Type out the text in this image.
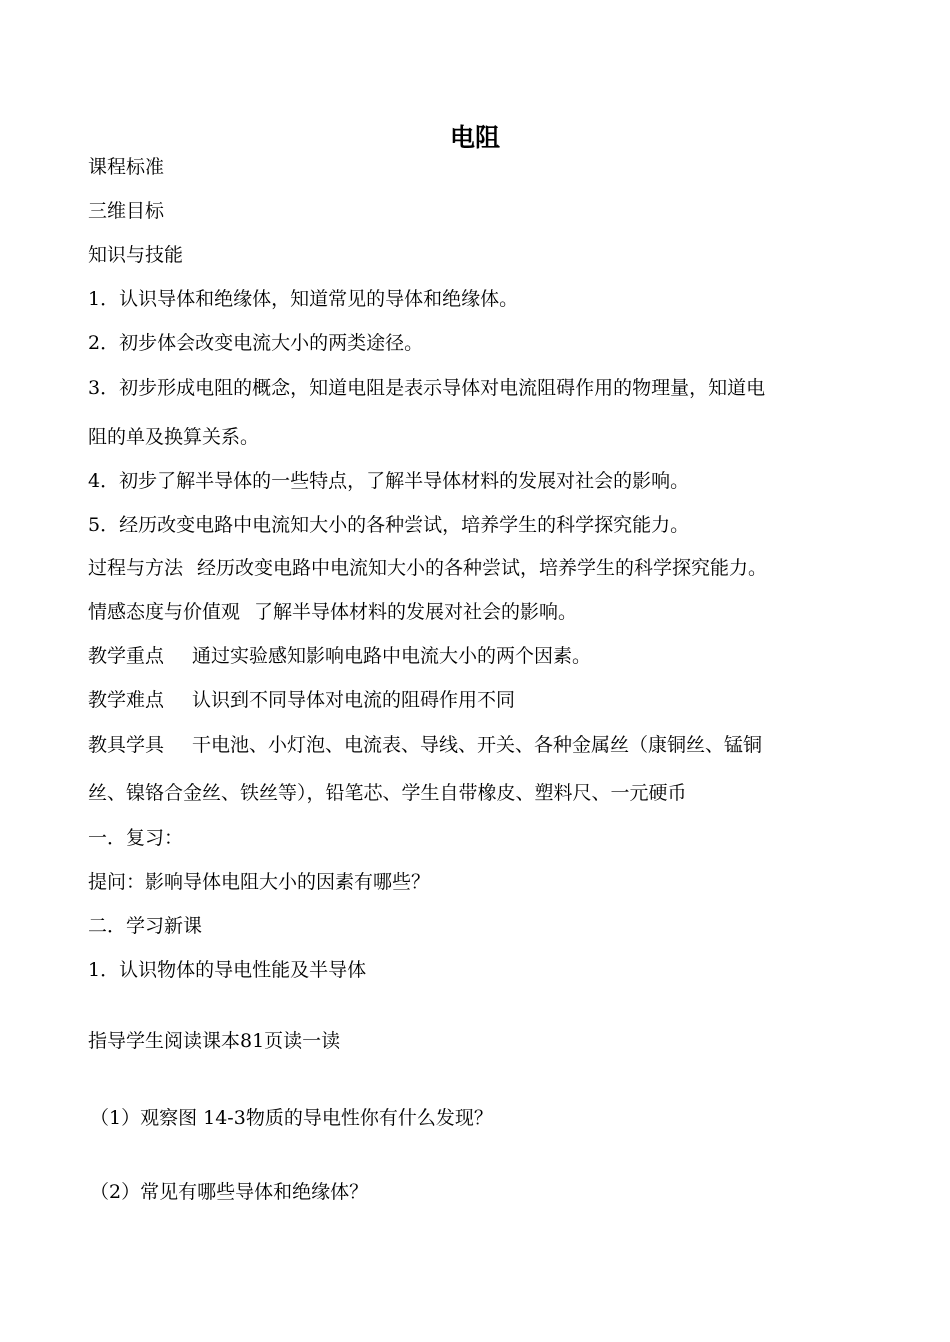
电阻
课程标准
三维目标
知识与技能
1．认识导体和绝缘体，知道常见的导体和绝缘体。
2．初步体会改变电流大小的两类途径。
3．初步形成电阻的概念，知道电阻是表示导体对电流阻碍作用的物理量，知道电
阻的单及换算关系。
4．初步了解半导体的一些特点，了解半导体材料的发展对社会的影响。
5．经历改变电路中电流知大小的各种尝试，培养学生的科学探究能力。
过程与方法 经历改变电路中电流知大小的各种尝试，培养学生的科学探究能力。
情感态度与价值观 了解半导体材料的发展对社会的影响。
教学重点 通过实验感知影响电路中电流大小的两个因素。
教学难点 认识到不同导体对电流的阻碍作用不同
教具学具 干电池、小灯泡、电流表、导线、开关、各种金属丝（康铜丝、锰铜
丝、镍铬合金丝、铁丝等），铅笔芯、学生自带橡皮、塑料尺、一元硬币
一．复习：
提问：影响导体电阻大小的因素有哪些？
二．学习新课
1．认识物体的导电性能及半导体
指导学生阅读课本81页读一读
（1）观察图 14-3物质的导电性你有什么发现？
（2）常见有哪些导体和绝缘体？
